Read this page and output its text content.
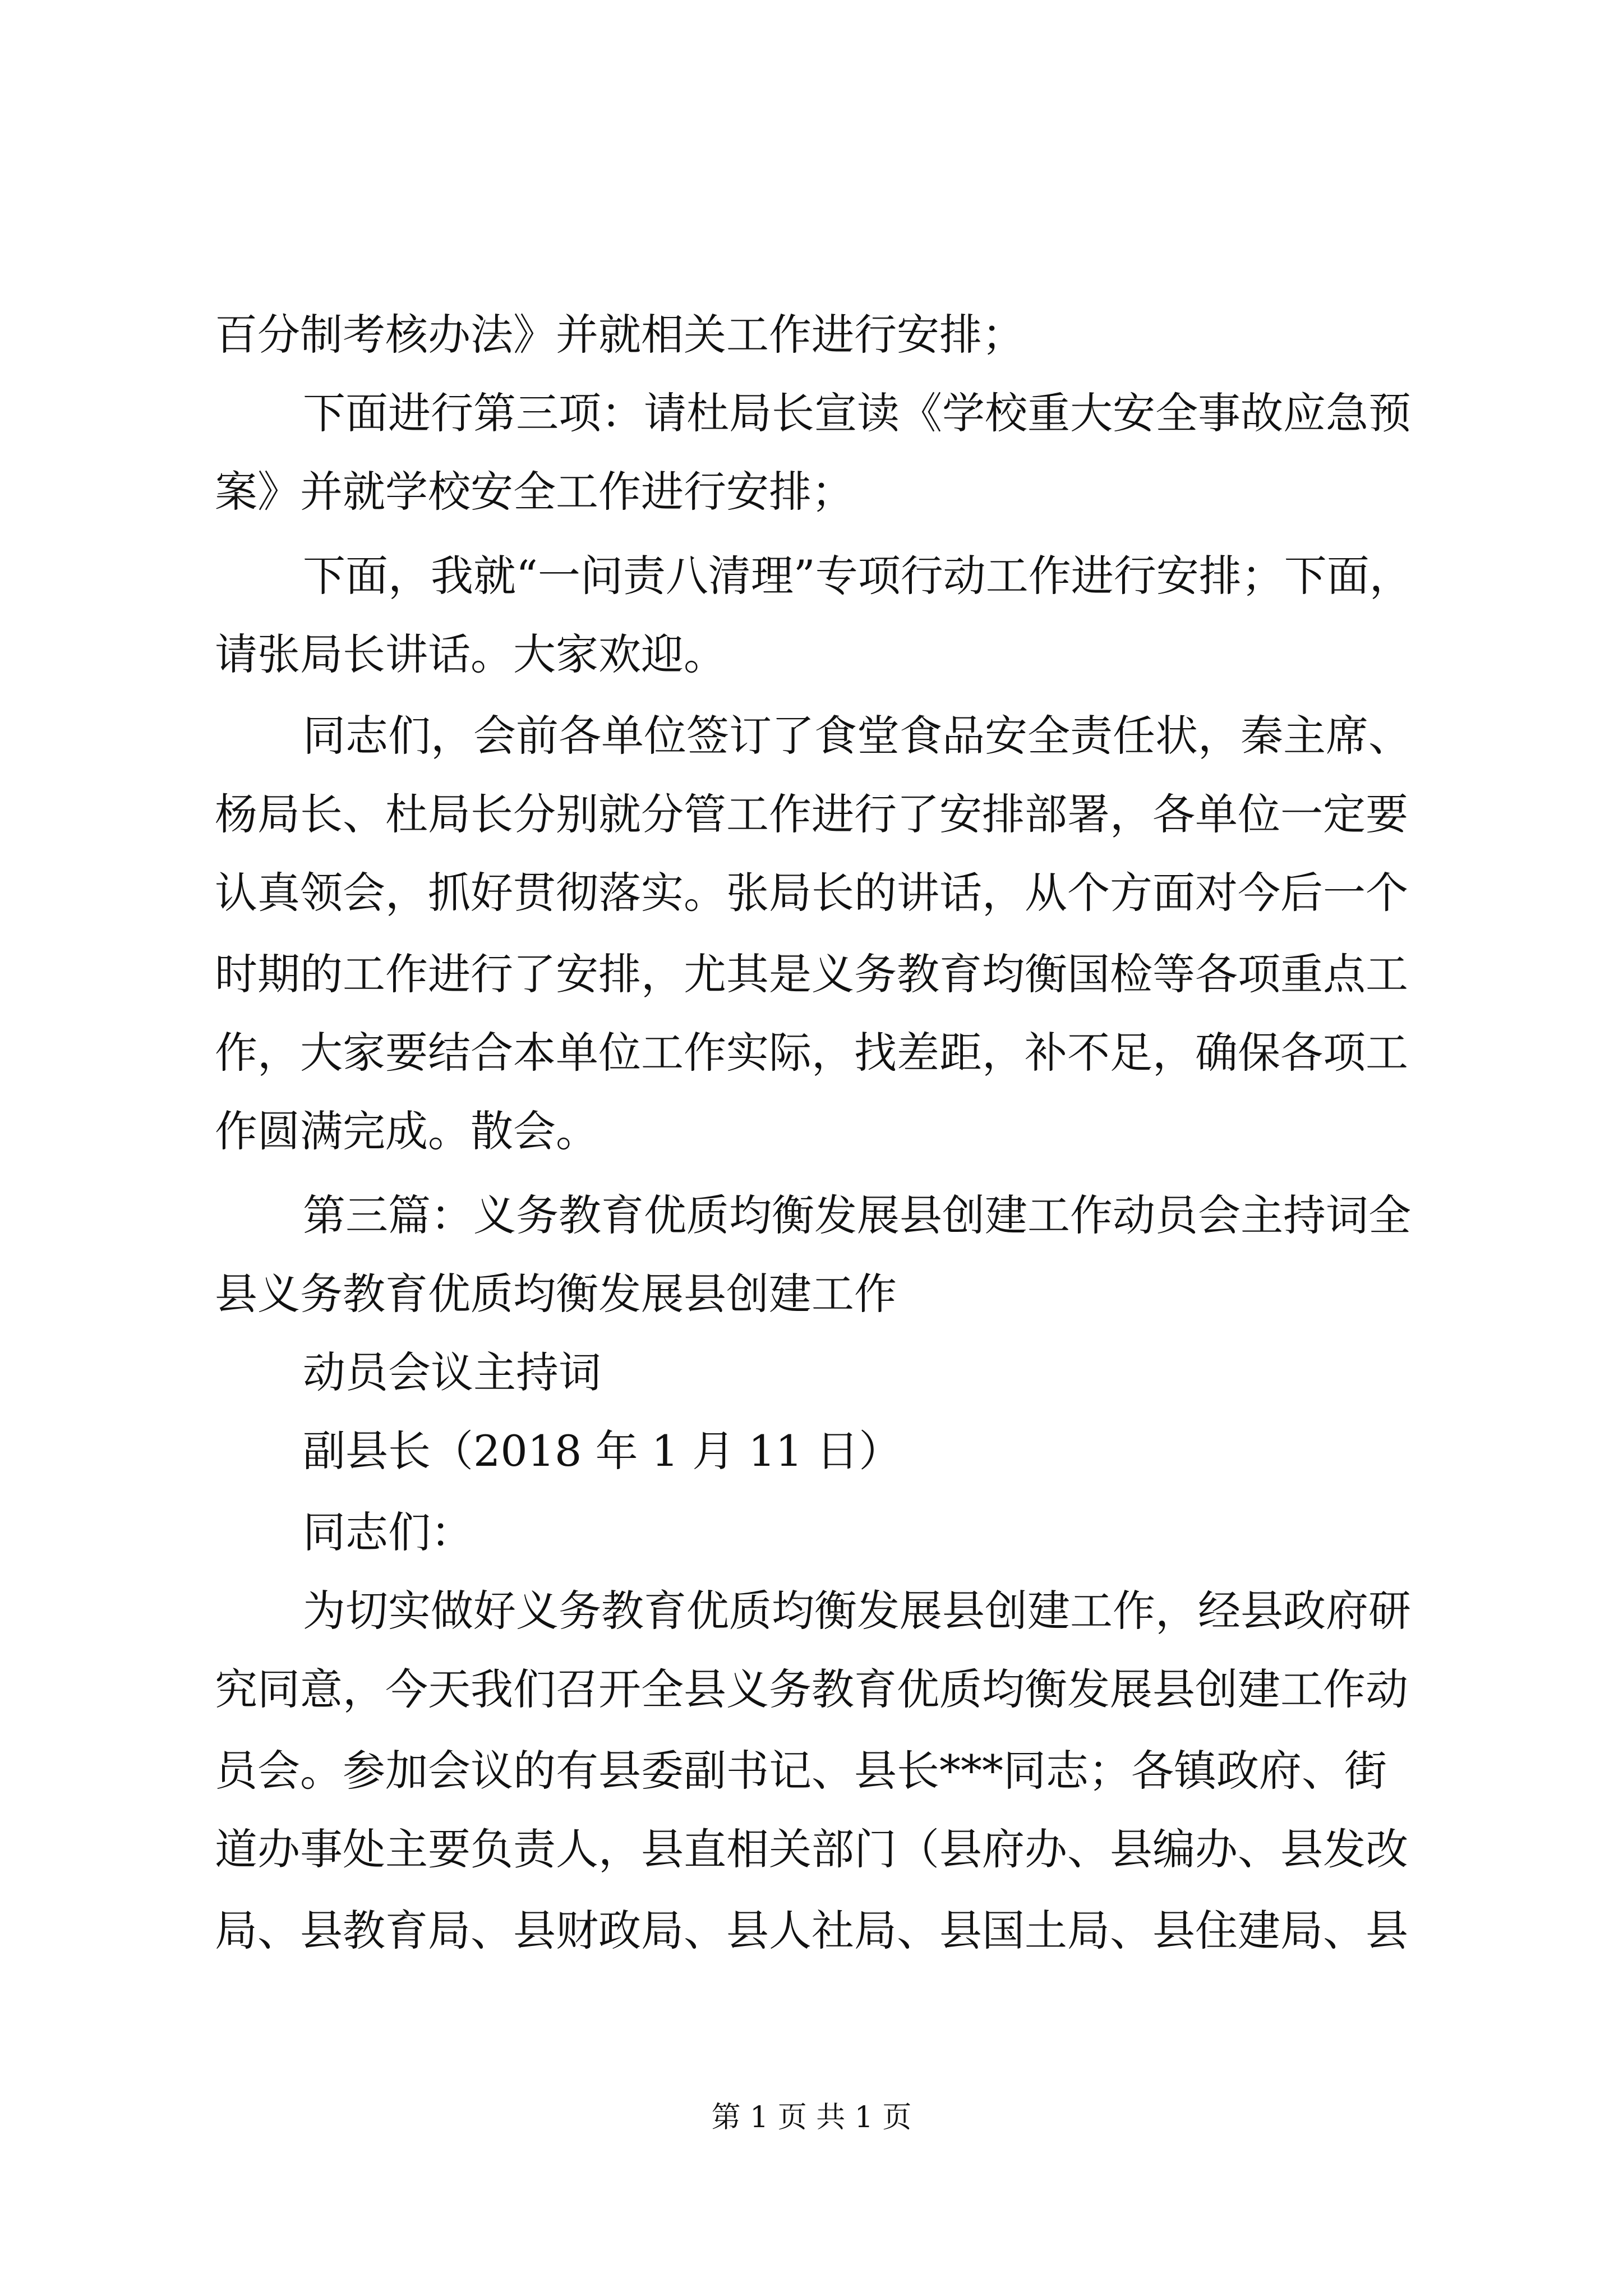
百分制考核办法》并就相关工作进行安排；
下面进行第三项：请杜局长宣读《学校重大安全事故应急预
案》并就学校安全工作进行安排；
下面，我就“一问责八清理”专项行动工作进行安排；下面，
请张局长讲话。大家欢迎。
同志们，会前各单位签订了食堂食品安全责任状，秦主席、
杨局长、杜局长分别就分管工作进行了安排部署，各单位一定要
认真领会，抓好贯彻落实。张局长的讲话，从个方面对今后一个
时期的工作进行了安排，尤其是义务教育均衡国检等各项重点工
作，大家要结合本单位工作实际，找差距，补不足，确保各项工
作圆满完成。散会。
第三篇：义务教育优质均衡发展县创建工作动员会主持词全
县义务教育优质均衡发展县创建工作
动员会议主持词
副县长（2018 年 1 月 11 日）
同志们：
为切实做好义务教育优质均衡发展县创建工作，经县政府研
究同意，今天我们召开全县义务教育优质均衡发展县创建工作动
员会。参加会议的有县委副书记、县长***同志；各镇政府、街
道办事处主要负责人，县直相关部门（县府办、县编办、县发改
局、县教育局、县财政局、县人社局、县国土局、县住建局、县
第 1 页 共 1 页
